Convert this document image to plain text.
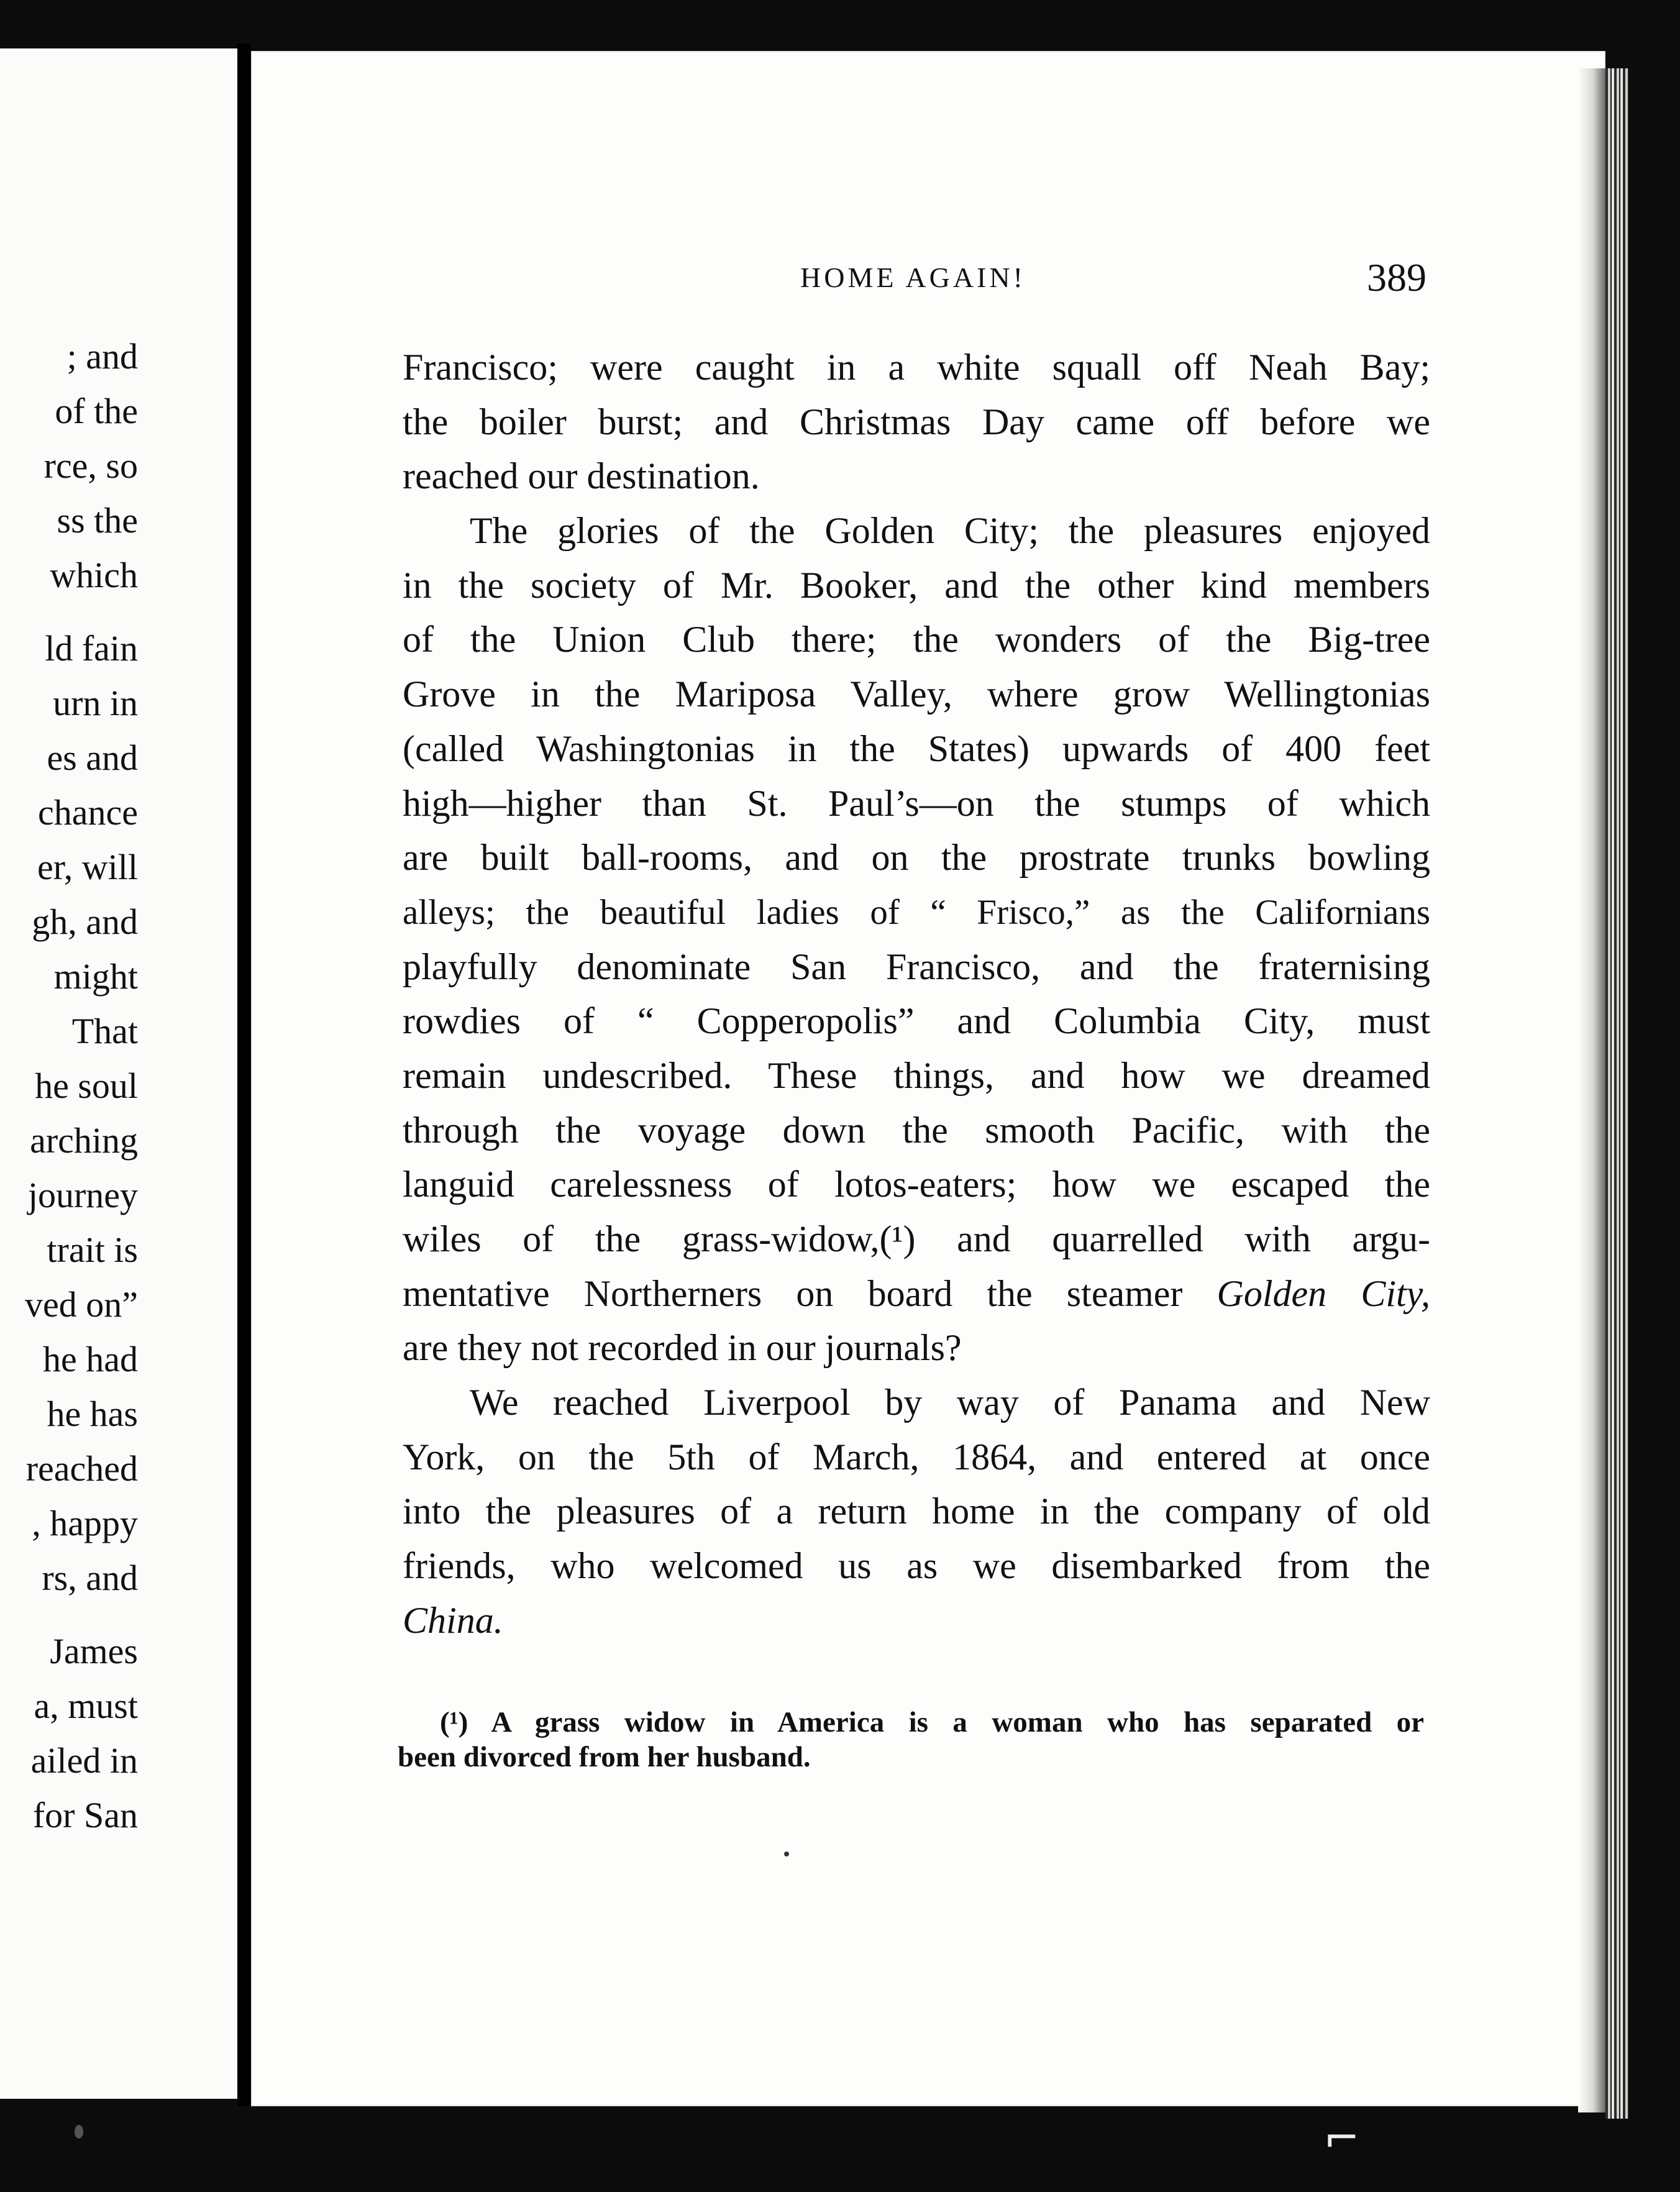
; and
of the
rce, so
ss the
which
ld fain
urn in
es and
chance
er, will
gh, and
might
That
he soul
arching
journey
trait is
ved on”
he had
he has
reached
, happy
rs, and
James
a, must
ailed in
for San
HOME AGAIN!	389
Francisco; were caught in a white squall off Neah Bay;
the boiler burst; and Christmas Day came off before we
reached our destination.
The glories of the Golden City; the pleasures enjoyed
in the society of Mr. Booker, and the other kind members
of the Union Club there; the wonders of the Big-tree
Grove in the Mariposa Valley, where grow Wellingtonias
(called Washingtonias in the States) upwards of 400 feet
high—higher than St. Paul’s—on the stumps of which
are built ball-rooms, and on the prostrate trunks bowling
alleys; the beautiful ladies of “ Frisco,” as the Californians
playfully denominate San Francisco, and the fraternising
rowdies of “ Copperopolis” and Columbia City, must
remain undescribed. These things, and how we dreamed
through the voyage down the smooth Pacific, with the
languid carelessness of lotos-eaters; how we escaped the
wiles of the grass-widow,(¹) and quarrelled with argu-
mentative Northerners on board the steamer Golden City,
are they not recorded in our journals?
We reached Liverpool by way of Panama and New
York, on the 5th of March, 1864, and entered at once
into the pleasures of a return home in the company of old
friends, who welcomed us as we disembarked from the
China.
(¹) A grass widow in America is a woman who has separated or
been divorced from her husband.
⌐
